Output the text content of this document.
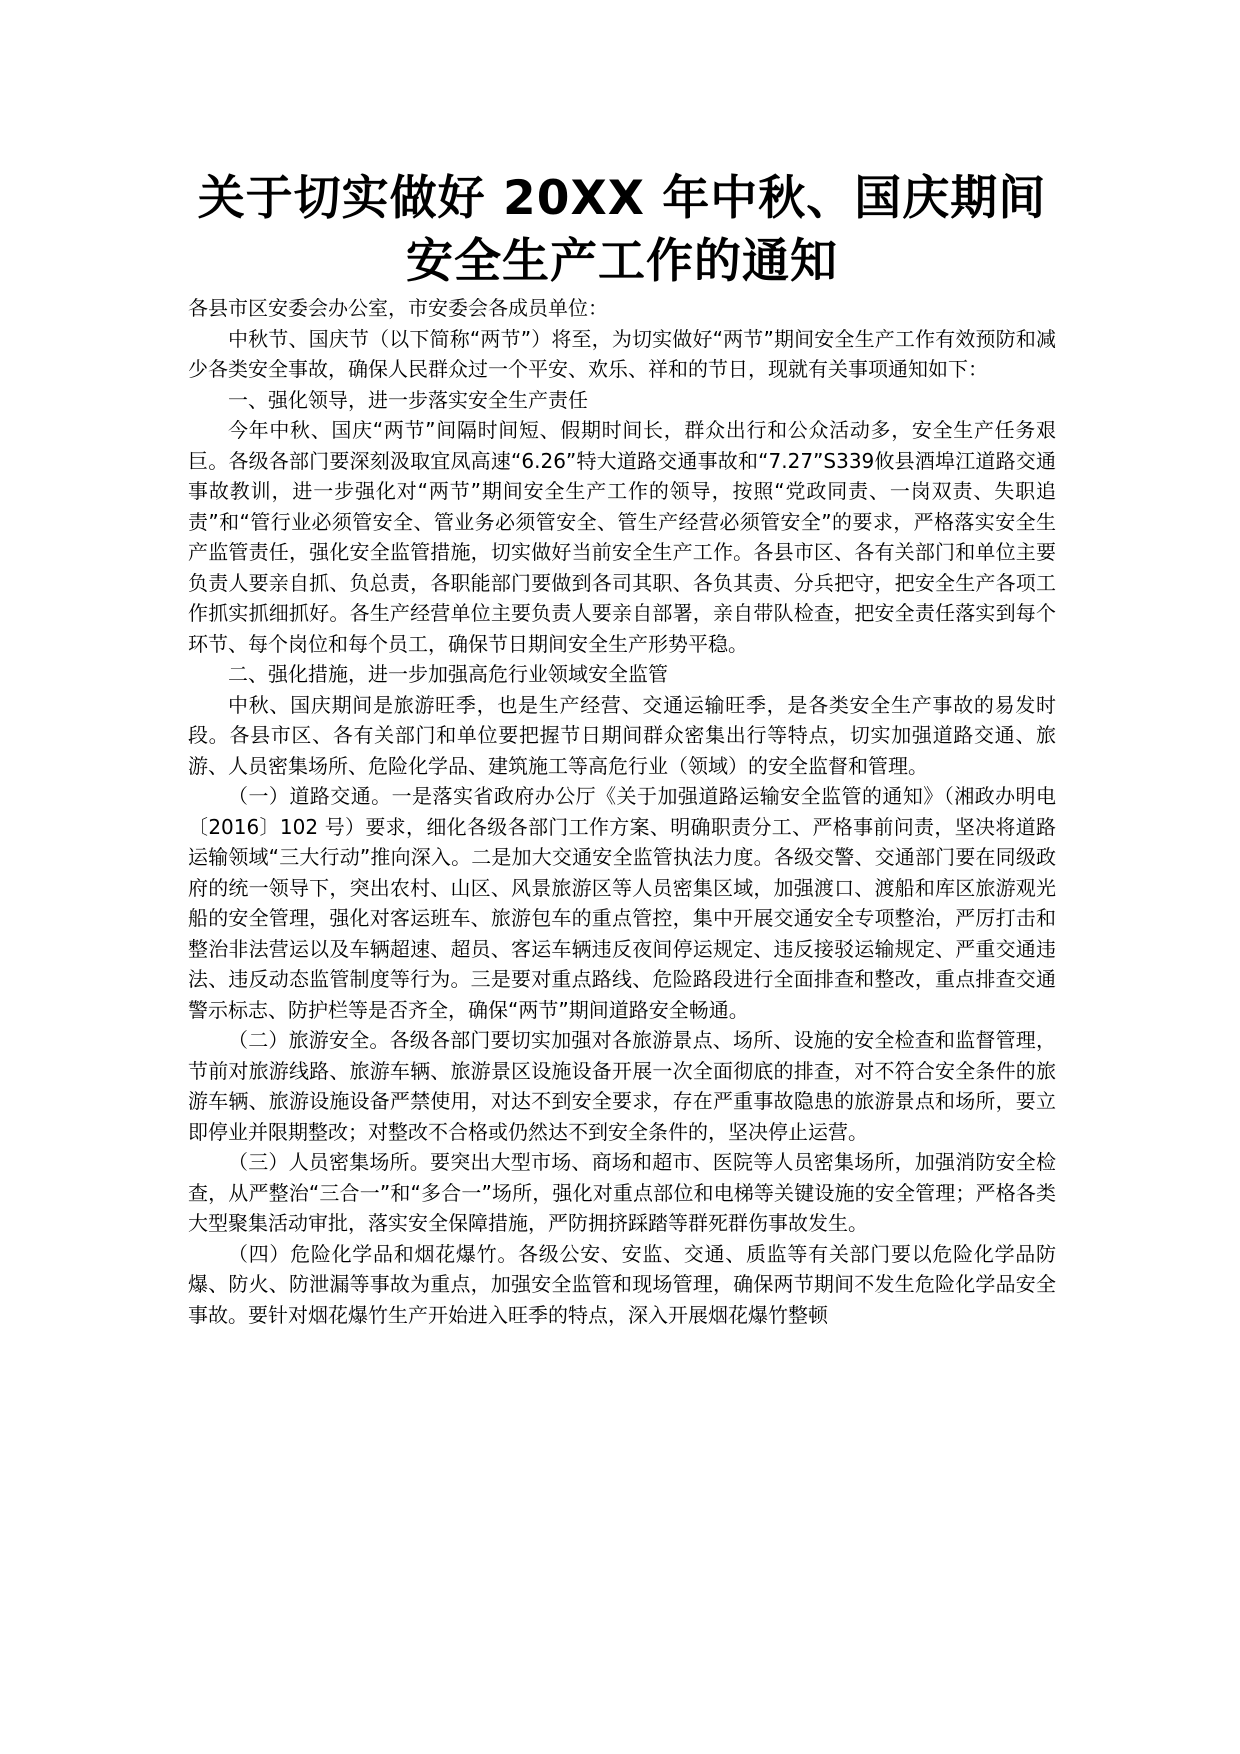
关于切实做好 20XX 年中秋、国庆期间
安全生产工作的通知

各县市区安委会办公室，市安委会各成员单位：

中秋节、国庆节（以下简称“两节”）将至，为切实做好“两节”期间安全生产工作有效预防和减少各类安全事故，确保人民群众过一个平安、欢乐、祥和的节日，现就有关事项通知如下：

一、强化领导，进一步落实安全生产责任

今年中秋、国庆“两节”间隔时间短、假期时间长，群众出行和公众活动多，安全生产任务艰巨。各级各部门要深刻汲取宜凤高速“6.26”特大道路交通事故和“7.27”S339攸县酒埠江道路交通事故教训，进一步强化对“两节”期间安全生产工作的领导，按照“党政同责、一岗双责、失职追责”和“管行业必须管安全、管业务必须管安全、管生产经营必须管安全”的要求，严格落实安全生产监管责任，强化安全监管措施，切实做好当前安全生产工作。各县市区、各有关部门和单位主要负责人要亲自抓、负总责，各职能部门要做到各司其职、各负其责、分兵把守，把安全生产各项工作抓实抓细抓好。各生产经营单位主要负责人要亲自部署，亲自带队检查，把安全责任落实到每个环节、每个岗位和每个员工，确保节日期间安全生产形势平稳。

二、强化措施，进一步加强高危行业领域安全监管

中秋、国庆期间是旅游旺季，也是生产经营、交通运输旺季，是各类安全生产事故的易发时段。各县市区、各有关部门和单位要把握节日期间群众密集出行等特点，切实加强道路交通、旅游、人员密集场所、危险化学品、建筑施工等高危行业（领域）的安全监督和管理。

（一）道路交通。一是落实省政府办公厅《关于加强道路运输安全监管的通知》（湘政办明电〔2016〕102 号）要求，细化各级各部门工作方案、明确职责分工、严格事前问责，坚决将道路运输领域“三大行动”推向深入。二是加大交通安全监管执法力度。各级交警、交通部门要在同级政府的统一领导下，突出农村、山区、风景旅游区等人员密集区域，加强渡口、渡船和库区旅游观光船的安全管理，强化对客运班车、旅游包车的重点管控，集中开展交通安全专项整治，严厉打击和整治非法营运以及车辆超速、超员、客运车辆违反夜间停运规定、违反接驳运输规定、严重交通违法、违反动态监管制度等行为。三是要对重点路线、危险路段进行全面排查和整改，重点排查交通警示标志、防护栏等是否齐全，确保“两节”期间道路安全畅通。

（二）旅游安全。各级各部门要切实加强对各旅游景点、场所、设施的安全检查和监督管理，节前对旅游线路、旅游车辆、旅游景区设施设备开展一次全面彻底的排查，对不符合安全条件的旅游车辆、旅游设施设备严禁使用，对达不到安全要求，存在严重事故隐患的旅游景点和场所，要立即停业并限期整改；对整改不合格或仍然达不到安全条件的，坚决停止运营。

（三）人员密集场所。要突出大型市场、商场和超市、医院等人员密集场所，加强消防安全检查，从严整治“三合一”和“多合一”场所，强化对重点部位和电梯等关键设施的安全管理；严格各类大型聚集活动审批，落实安全保障措施，严防拥挤踩踏等群死群伤事故发生。

（四）危险化学品和烟花爆竹。各级公安、安监、交通、质监等有关部门要以危险化学品防爆、防火、防泄漏等事故为重点，加强安全监管和现场管理，确保两节期间不发生危险化学品安全事故。要针对烟花爆竹生产开始进入旺季的特点，深入开展烟花爆竹整顿
